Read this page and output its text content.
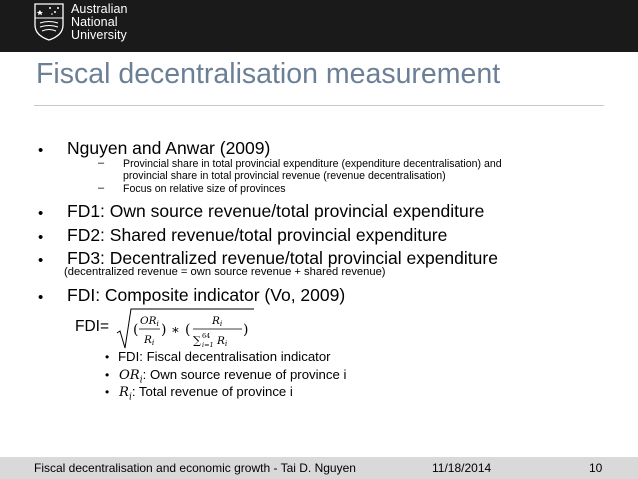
Australian
National
University
Fiscal decentralisation measurement
• Nguyen and Anwar (2009)
– Provincial share in total provincial expenditure (expenditure decentralisation) and
provincial share in total provincial revenue (revenue decentralisation)
– Focus on relative size of provinces
• FD1: Own source revenue/total provincial expenditure
• FD2: Shared revenue/total provincial expenditure
• FD3: Decentralized revenue/total provincial expenditure
(decentralized revenue = own source revenue + shared revenue)
• FDI: Composite indicator (Vo, 2009)
FDI= (
ORi
Ri
) ∗ (
Ri
∑ 64
i=1 Ri
)
• FDI: Fiscal decentralisation indicator
• $OR_i$: Own source revenue of province i
• $R_i$: Total revenue of province i
Fiscal decentralisation and economic growth - Tai D. Nguyen	11/18/2014	10
